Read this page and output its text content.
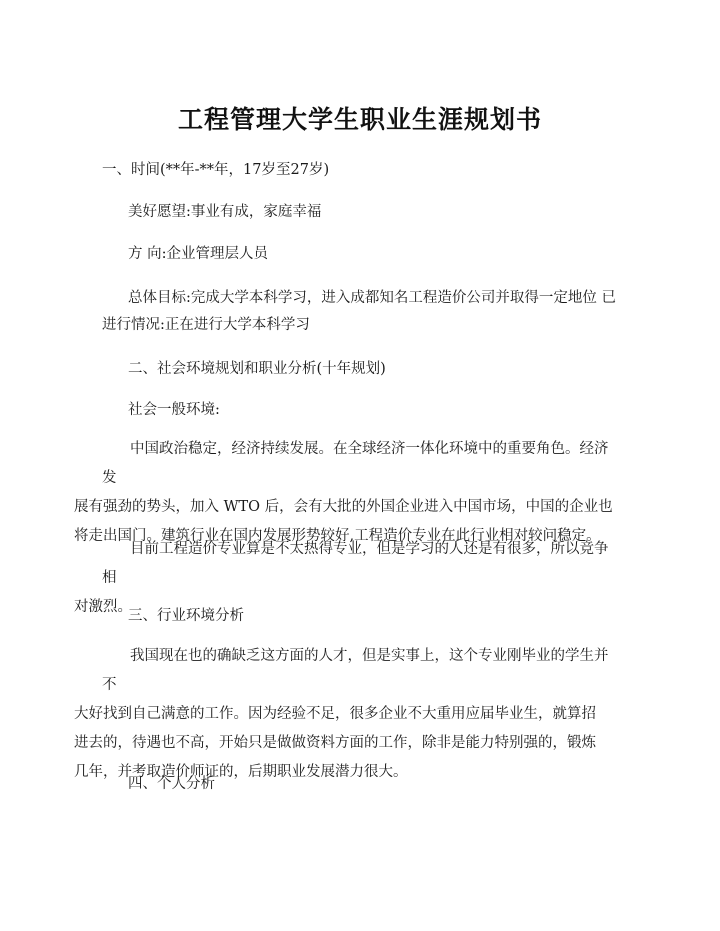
工程管理大学生职业生涯规划书
一、时间(**年-**年，17岁至27岁)
美好愿望:事业有成，家庭幸福
方 向:企业管理层人员
总体目标:完成大学本科学习，进入成都知名工程造价公司并取得一定地位 已
进行情况:正在进行大学本科学习
二、社会环境规划和职业分析(十年规划)
社会一般环境:
中国政治稳定，经济持续发展。在全球经济一体化环境中的重要角色。经济发
展有强劲的势头，加入 WTO 后，会有大批的外国企业进入中国市场，中国的企业也
将走出国门。建筑行业在国内发展形势较好,工程造价专业在此行业相对较问稳定。
目前工程造价专业算是不太热得专业，但是学习的人还是有很多，所以竞争相
对激烈。
三、行业环境分析
我国现在也的确缺乏这方面的人才，但是实事上，这个专业刚毕业的学生并不
大好找到自己满意的工作。因为经验不足，很多企业不大重用应届毕业生，就算招
进去的，待遇也不高，开始只是做做资料方面的工作，除非是能力特别强的，锻炼
几年，并考取造价师证的，后期职业发展潜力很大。
四、个人分析
